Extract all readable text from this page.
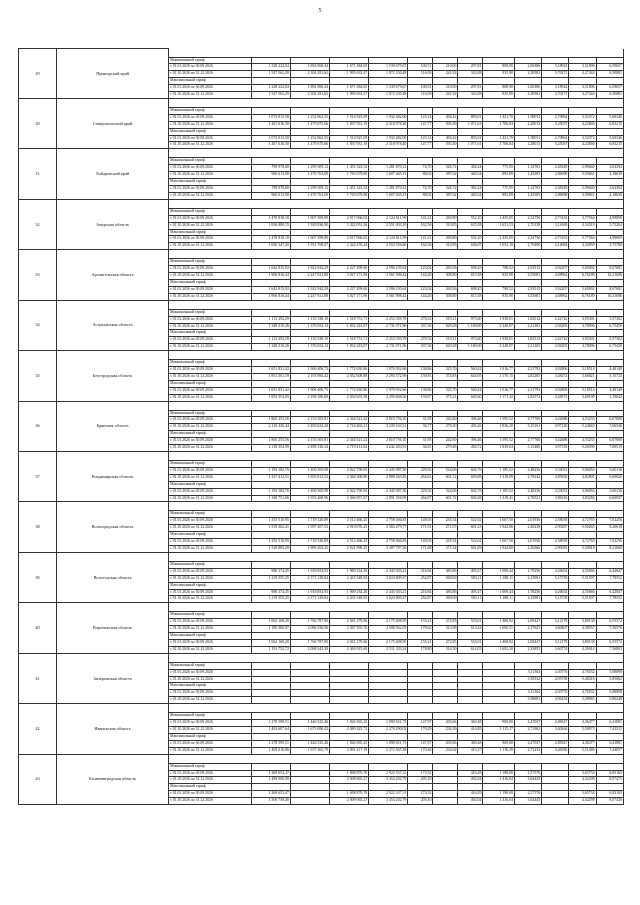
5
29	Приморский край													
		Минимальный тариф												
		с 01.01.2026 по 30.09.2026	1 228 224,04	1 894 968,44	1 671 384,65	1 539 679,67	100,51	210,00	297,81	808,90	2,06386	3,18924	3,51806	6,59657
		с 01.10.2026 по 31.12.2026	1 547 562,29	2 304 281,62	1 995 633,27	1 872 250,48	116,09	241,92	343,08	935,90	2,38582	3,70271	4,27444	6,50881
		Максимальный тариф												
		с 01.01.2026 по 30.09.2026	1 228 224,04	1 894 968,44	1 671 384,65	1 539 679,67	100,51	210,00	297,81	808,90	2,06386	3,18924	3,51806	6,59657
		с 01.10.2026 по 31.12.2026	1 547 562,29	2 304 281,62	1 995 633,27	1 872 250,48	116,09	241,92	343,08	935,90	2,38582	3,70271	4,27444	6,50881
30	Ставропольский край													
		Минимальный тариф												
		с 01.01.2026 по 30.09.2026	1 073 013,58	1 252 862,55	1 514 925,09	1 932 482,00	123,14	494,42	893,01	1 421,70	1,90011	2,70864	3,52372	5,69346
		с 01.10.2026 по 31.12.2026	1 267 616,30	1 479 075,66	1 837 931,19	2 318 978,40	147,77	593,30	1 071,61	1 706,04	2,28013	3,25037	4,22846	6,83215
		Максимальный тариф												
		с 01.01.2026 по 30.09.2026	1 073 013,58	1 252 862,55	1 514 925,09	1 932 482,00	123,14	494,42	893,01	1 421,70	1,90011	2,70864	3,52372	5,69346
		с 01.10.2026 по 31.12.2026	1 267 616,30	1 479 075,66	1 837 931,19	2 318 978,40	147,77	593,30	1 071,61	1 706,04	2,28013	3,25037	4,22846	6,83215
31	Хабаровский край													
		Минимальный тариф												
		с 01.01.2026 по 30.09.2026	799 978,60	1 299 509,12	1 451 322,54	1 281 870,12	74,70	326,72	382,24	775,95	1,14703	2,48349	2,99640	3,63394
		с 01.10.2026 по 31.12.2026	960 613,98	1 470 763,09	1 765 679,00	1 607 465,13	88,02	387,62	440,34	893,89	1,43585	2,86098	3,59661	4,18630
		Максимальный тариф												
		с 01.01.2026 по 30.09.2026	799 978,60	1 299 509,12	1 451 322,54	1 281 870,12	74,70	326,72	382,24	775,95	1,14703	2,48349	2,99640	3,63394
		с 01.10.2026 по 31.12.2026	960 613,98	1 470 763,09	1 765 679,00	1 607 465,13	88,02	387,62	440,34	893,89	1,43585	2,86098	3,59661	4,18630
32	Амурская область													
		Минимальный тариф												
		с 01.01.2026 по 30.09.2026	1 470 818,18	1 607 399,89	2 017 066,02	2 124 611,99	141,21	269,80	552,10	1 435,05	2,34750	2,73163	3,77564	4,99809
		с 01.10.2026 по 31.12.2026	1 656 889,15	1 929 836,90	2 422 051,26	2 551 003,10	162,56	310,85	635,58	1 651,53	2,70139	3,14369	4,34519	5,75204
		Максимальный тариф												
		с 01.01.2026 по 30.09.2026	1 470 818,18	1 607 399,89	2 017 066,02	2 124 611,99	141,21	269,80	552,10	1 435,05	2,34750	2,73163	3,77564	4,99809
		с 01.10.2026 по 31.12.2026	1 656 347,20	1 931 768,07	2 424 476,24	2 553 556,66	162,56	310,85	636,07	1 653,18	2,70400	3,14684	4,34959	5,75780
33	Архангельская область													
		Минимальный тариф												
		с 01.01.2026 по 30.09.2026	1 642 815,92	1 922 944,29	2 227 499,60	2 596 195,64	123,04	263,56	698,45	798,52	2,93515	3,92207	5,65092	8,07681
		с 01.10.2026 по 31.12.2026	1 906 816,44	2 247 921,88	3 027 171,96	3 561 998,42	144,20	308,89	815,58	935,90	3,55681	4,68962	6,76189	10,21686
		Максимальный тариф												
		с 01.01.2026 по 30.09.2026	1 642 815,92	1 922 944,29	2 227 499,60	2 596 195,64	123,04	263,56	698,45	798,52	2,93515	3,92207	5,65092	8,07681
		с 01.10.2026 по 31.12.2026	1 906 816,44	2 247 921,88	3 027 171,96	3 561 998,42	144,20	308,89	815,58	935,90	3,55681	4,68962	6,76189	10,21686
34	Астраханская область													
		Минимальный тариф												
		с 01.01.2026 по 30.09.2026	1 113 292,29	1 135 538,19	1 518 751,71	2 253 359,78	278,33	519,21	973,60	1 938,01	1,82512	2,42742	3,95301	5,57302
		с 01.10.2026 по 31.12.2026	1 349 310,26	1 376 054,13	1 832 243,07	2 731 071,96	337,36	629,28	1 180,00	2 348,87	2,21205	2,94203	4,78096	6,75450
		Максимальный тариф												
		с 01.01.2026 по 30.09.2026	1 113 292,29	1 135 538,19	1 518 751,71	2 253 359,78	278,33	519,21	973,60	1 938,01	1,82512	2,42742	3,95301	5,57302
		с 01.10.2026 по 31.12.2026	1 349 310,26	1 376 054,13	1 832 243,07	2 731 071,96	337,36	629,28	1 180,00	2 348,87	2,21205	2,94203	4,78096	6,75450
35	Белгородская область													
		Минимальный тариф												
		с 01.01.2026 по 30.09.2026	1 651 831,42	1 906 406,73	1 772 630,86	1 970 952,66	138,86	325,70	560,42	1 016,77	2,51793	3,02806	3,18514	4,48140
		с 01.10.2026 по 31.12.2026	1 851 501,59	2 193 984,42	2 052 608,88	2 293 372,99	159,81	374,83	644,95	1 170,15	2,82285	3,48272	3,66821	5,15723
		Максимальный тариф												
		с 01.01.2026 по 30.09.2026	1 651 831,42	1 906 406,73	1 772 630,86	1 970 952,66	138,86	325,70	560,42	1 016,77	2,51793	3,02806	3,18514	4,48140
		с 01.10.2026 по 31.12.2026	1 853 354,85	2 196 180,60	2 054 655,58	2 295 668,56	159,97	375,21	645,60	1 171,32	2,82572	3,48572	3,69190	5,19642
36	Брянская область													
		Минимальный тариф												
		с 01.01.2026 по 30.09.2026	1 865 255,56	2 153 565,81	2 344 521,22	2 810 756,10	31,95	242,60	396,46	1 595,52	2,77760	3,42688	4,53233	6,07808
		с 01.10.2026 по 31.12.2026	2 116 436,44	2 493 634,20	2 716 463,21	3 239 163,51	36,77	279,20	456,26	1 836,20	3,15161	3,97120	5,24665	7,66546
		Максимальный тариф												
		с 01.01.2026 по 30.09.2026	1 865 255,56	2 153 565,81	2 344 521,22	2 810 756,10	31,95	242,60	396,46	1 595,52	2,77760	3,42688	4,53233	6,07808
		с 01.10.2026 по 31.12.2026	2 118 554,99	2 498 136,34	2 719 412,62	3 242 403,91	36,81	279,48	456,72	1 839,04	3,15480	3,97518	5,26590	7,69515
37	Владимирская область													
		Минимальный тариф												
		с 01.01.2026 по 30.09.2026	1 193 182,76	1 400 565,98	2 022 790,93	2 445 987,30	229,92	524,06	602,76	1 185,52	2,48236	3,33031	3,96054	5,60116
		с 01.10.2026 по 31.12.2026	1 337 412,51	1 655 813,52	2 364 300,80	2 888 265,83	264,61	601,12	693,69	1 318,09	2,78242	3,85930	4,82801	6,60826
		Максимальный тариф												
		с 01.01.2026 по 30.09.2026	1 193 182,76	1 400 565,98	2 022 790,93	2 445 987,30	229,92	524,06	602,76	1 185,52	2,48236	3,33031	3,96054	5,60116
		с 01.10.2026 по 31.12.2026	1 338 751,06	1 655 468,96	2 366 857,67	2 891 356,99	264,87	601,72	694,38	1 319,41	2,78521	3,86316	4,83284	6,60937
38	Волгоградская область													
		Минимальный тариф												
		с 01.01.2026 по 30.09.2026	1 355 510,95	1 718 520,89	2 512 466,25	2 758 466,83	149,03	235,34	522,62	1 667,50	2,01936	2,58039	4,72765	7,02256
		с 01.10.2026 по 31.12.2026	1 519 362,41	1 997 207,53	2 919 076,25	3 304 479,77	171,51	271,07	601,23	1 942,06	2,26238	2,99287	5,50265	8,20618
		Максимальный тариф												
		с 01.01.2026 по 30.09.2026	1 355 510,95	1 718 520,89	2 512 466,25	2 758 466,83	149,03	235,34	522,62	1 667,50	2,01936	2,58039	4,72765	7,02256
		с 01.10.2026 по 31.12.2026	1 520 883,29	1 999 202,25	2 921 998,25	3 307 787,56	171,68	271,34	601,83	1 944,00	2,26566	2,99583	5,50818	8,21660
39	Вологодская область													
		Минимальный тариф												
		с 01.01.2026 по 30.09.2026	988 374,45	1 918 854,93	1 969 234,26	2 443 303,21	216,84	483,86	495,47	1 009,44	1,78256	4,26654	4,55666	6,42847
		с 01.10.2026 по 31.12.2026	1 219 555,25	2 371 129,84	2 435 548,93	3 024 809,37	252,87	569,00	583,11	1 188,11	2,15991	5,15739	5,51507	7,78552
		Максимальный тариф												
		с 01.01.2026 по 30.09.2026	988 374,45	1 918 854,93	1 969 234,26	2 443 303,21	216,84	483,86	495,47	1 009,44	1,78256	4,26654	4,55666	6,42847
		с 01.10.2026 по 31.12.2026	1 219 555,25	2 371 129,84	2 435 548,93	3 024 809,37	252,87	569,00	583,11	1 188,11	2,15991	5,15739	5,51507	7,78552
40	Воронежская область													
		Минимальный тариф												
		с 01.01.2026 по 30.09.2026	1 062 168,20	1 766 787,90	2 041 279,66	2 175 408,95	155,21	272,85	533,01	1 468,92	2,08427	3,12178	3,80138	6,55572
		с 01.10.2026 по 31.12.2026	1 190 560,97	2 086 356,96	2 367 355,76	2 508 562,05	179,62	313,99	613,42	1 690,51	2,37621	3,60407	4,38557	7,56576
		Максимальный тариф												
		с 01.01.2026 по 30.09.2026	1 062 168,20	1 766 787,90	2 041 279,66	2 175 408,95	155,21	272,85	533,01	1 468,92	2,08427	3,12178	3,80138	6,55572
		с 01.10.2026 по 31.12.2026	1 191 752,72	2 088 343,30	2 369 925,69	2 511 333,24	178,80	314,30	614,03	1 692,20	2,33855	3,60774	4,39014	7,56803
41	Запорожская область													
		Минимальный тариф												
		с 01.01.2026 по 30.09.2026									3,11364	4,30776	4,76532	5,08898
		с 01.10.2026 по 31.12.2026									3,58332	4,95758	5,48416	5,85662
		Максимальный тариф												
		с 01.01.2026 по 30.09.2026									3,11364	4,30776	4,76532	5,08898
		с 01.10.2026 по 31.12.2026									3,58691	4,96254	5,48965	5,86248
42	Ивановская область													
		Минимальный тариф												
		с 01.01.2026 по 30.09.2026	1 278 599,51	1 446 525,46	1 826 565,25	1 890 651,73	147,97	203,66	360,48	969,00	2,47037	2,88347	4,36477	6,41881
		с 01.10.2026 по 31.12.2026	1 403 607,64	1 673 690,42	2 089 325,72	2 270 290,02	170,29	234,39	414,85	1 115,17	2,71963	3,40264	5,50975	7,43311
		Максимальный тариф												
		с 01.01.2026 по 30.09.2026	1 278 599,51	1 446 525,46	1 826 565,25	1 890 651,73	147,97	203,66	360,48	969,00	2,47037	2,88347	4,36477	6,41881
		с 01.10.2026 по 31.12.2026	1 409 016,86	1 675 365,79	2 091 417,19	2 272 565,38	170,46	234,62	415,27	1 116,29	2,72235	3,46590	5,51486	7,44057
43	Калининградская область													
		Минимальный тариф												
		с 01.01.2026 по 30.09.2026	1 269 653,47		1 698 870,70	2 922 337,31	173,52		416,29	1 198,00	2,57576		3,65734	6,83165
		с 01.10.2026 по 31.12.2026	1 499 000,99		2 008 665,27	3 454 202,79	205,10		492,04	1 416,04	3,04445		4,32298	8,07475
		Максимальный тариф												
		с 01.01.2026 по 30.09.2026	1 269 653,47		1 698 870,70	2 922 337,31	173,52		416,29	1 198,00	2,57576		3,65734	6,83165
		с 01.10.2026 по 31.12.2026	1 500 730,40		2 009 065,27	3 454 202,79	205,10		492,04	1 416,04	3,04445		4,32298	8,07430
